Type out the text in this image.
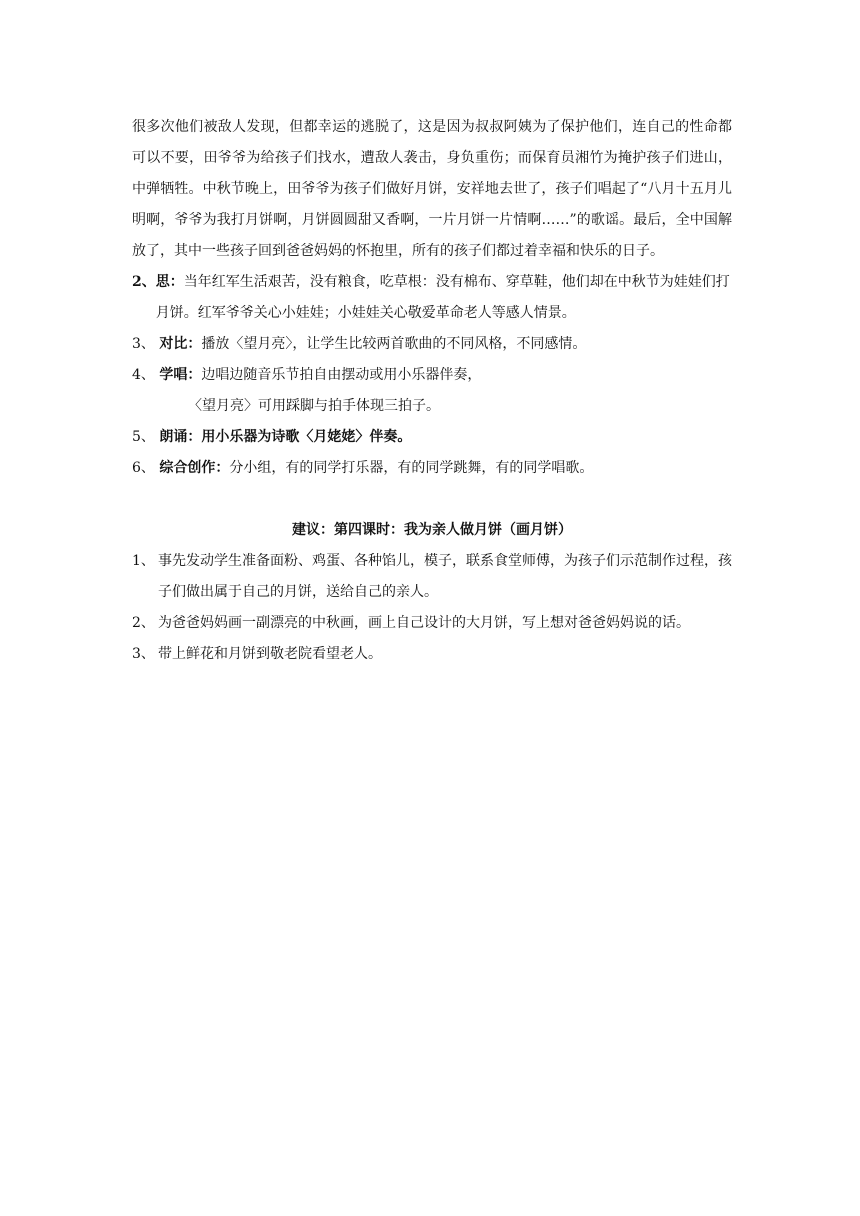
很多次他们被敌人发现，但都幸运的逃脱了，这是因为叔叔阿姨为了保护他们，连自己的性命都可以不要，田爷爷为给孩子们找水，遭敌人袭击，身负重伤；而保育员湘竹为掩护孩子们进山，中弹牺牲。中秋节晚上，田爷爷为孩子们做好月饼，安祥地去世了，孩子们唱起了“八月十五月儿明啊，爷爷为我打月饼啊，月饼圆圆甜又香啊，一片月饼一片情啊……”的歌谣。最后，全中国解放了，其中一些孩子回到爸爸妈妈的怀抱里，所有的孩子们都过着幸福和快乐的日子。

2、 思：当年红军生活艰苦，没有粮食，吃草根：没有棉布、穿草鞋，他们却在中秋节为娃娃们打月饼。红军爷爷关心小娃娃；小娃娃关心敬爱革命老人等感人情景。
3、 对比：播放〈望月亮〉，让学生比较两首歌曲的不同风格，不同感情。
4、 学唱：边唱边随音乐节拍自由摆动或用小乐器伴奏，

〈望月亮〉可用踩脚与拍手体现三拍子。

5、 朗诵：用小乐器为诗歌〈月姥姥〉伴奏。
6、 综合创作：分小组，有的同学打乐器，有的同学跳舞，有的同学唱歌。

建议：第四课时：我为亲人做月饼（画月饼）

1、 事先发动学生准备面粉、鸡蛋、各种馅儿，模子，联系食堂师傅，为孩子们示范制作过程，孩子们做出属于自己的月饼，送给自己的亲人。
2、 为爸爸妈妈画一副漂亮的中秋画，画上自己设计的大月饼，写上想对爸爸妈妈说的话。
3、 带上鲜花和月饼到敬老院看望老人。
